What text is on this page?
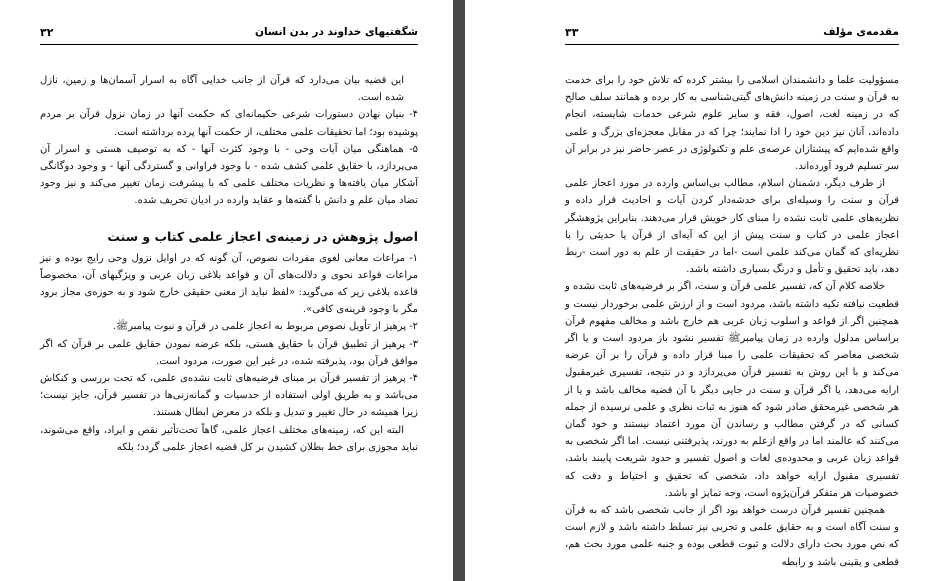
شگفتیهای خداوند در بدن انسان
۳۲

این قضیه بیان می‌دارد که قرآن از جانب خدایی آگاه به اسرار آسمان‌ها و زمین، نازل شده است.

۴- بنیان نهادن دستورات شرعی حکیمانه‌ای که حکمت آنها در زمان نزول قرآن بر مردم پوشیده بود؛ اما تحقیقات علمی مختلف، از حکمت آنها پرده برداشته است.

۵- هماهنگی میان آیات وحی - با وجود کثرت آنها - که به توصیف هستی و اسرار آن می‌پردازد، با حقایق علمی کشف شده - با وجود فراوانی و گستردگی آنها - و وجود دوگانگی آشکار میان یافته‌ها و نظریات مختلف علمی که با پیشرفت زمان تغییر می‌کند و نیز وجود تضاد میان علم و دانش با گفته‌ها و عقاید وارده در ادیان تحریف شده.

اصول پژوهش در زمینه‌ی اعجاز علمی کتاب و سنت

۱- مراعات معانی لغوی مفردات نصوص، آن گونه که در اوایل نزول وحی رایج بوده و نیز مراعات قواعد نحوی و دلالت‌های آن و قواعد بلاغی زبان عربی و ویژگیهای آن، مخصوصاً قاعده بلاغی زیر که می‌گوید: «لفظ نباید از معنی حقیقی خارج شود و به حوزه‌ی مجاز برود مگر با وجود قرینه‌ی کافی».

۲- پرهیز از تأویل نصوص مربوط به اعجاز علمی در قرآن و نبوت پیامبرﷺ.

۳- پرهیز از تطبیق قرآن با حقایق هستی، بلکه عرضه نمودن حقایق علمی بر قرآن که اگر موافق قرآن بود، پذیرفته شده، در غیر این صورت، مردود است.

۴- پرهیز از تفسیر قرآن بر مبنای فرضیه‌های ثابت نشده‌ی علمی، که تحت بررسی و کنکاش می‌باشد و به طریق اولی استفاده از حدسیات و گمانه‌زنی‌ها در تفسیر قرآن، جایز نیست؛ زیرا همیشه در حال تغییر و تبدیل و بلکه در معرض ابطال هستند.

البته این که، زمینه‌های مختلف اعجاز علمی، گاهاً تحت‌تأثیر نقص و ایراد، واقع می‌شوند، نباید مجوزی برای خط بطلان کشیدن بر کل قضیه اعجاز علمی گردد؛ بلکه

مقدمه‌ی مؤلف
۳۳

مسؤولیت علما و دانشمندان اسلامی را بیشتر کرده که تلاش خود را برای خدمت به قرآن و سنت در زمینه دانش‌های گیتی‌شناسی به کار برده و همانند سلف صالح که در زمینه لغت، اصول، فقه و سایر علوم شرعی خدمات شایسته، انجام داده‌اند، آنان نیز دین خود را ادا نمایند؛ چرا که در مقابل معجزه‌ای بزرگ و علمی واقع شده‌ایم که پیشتازان عرصه‌ی علم و تکنولوژی در عصر حاضر نیز در برابر آن سر تسلیم فرود آورده‌اند.

از طرف دیگر، دشمنان اسلام، مطالب بی‌اساس وارده در مورد اعجاز علمی قرآن و سنت را وسیله‌ای برای خدشه‌دار کردن آیات و احادیث قرار داده و نظریه‌های علمی ثابت نشده را مبنای کار خویش قرار می‌دهند. بنابراین پژوهشگر اعجاز علمی در کتاب و سنت پیش از این که آیه‌ای از قرآن یا حدیثی را با نظریه‌ای که گمان می‌کند علمی است -اما در حقیقت از علم به دور است -ربط دهد، باید تحقیق و تأمل و درنگ بسیاری داشته باشد.

خلاصه کلام آن که، تفسیر علمی قرآن و سنت، اگر بر فرضیه‌های ثابت نشده و قطعیت نیافته تکیه داشته باشد، مردود است و از ارزش علمی برخوردار نیست و همچنین اگر از قواعد و اسلوب زبان عربی هم خارج باشد و مخالف مفهوم قرآن براساس مدلول وارده در زمان پیامبرﷺ تفسیر نشود باز مردود است و یا اگر شخصی معاصر که تحقیقات علمی را مبنا قرار داده و قرآن را بر آن عرضه می‌کند و با این روش به تفسیر قرآن می‌پردازد و در نتیجه، تفسیری غیرمقبول ارایه می‌دهد، یا اگر قرآن و سنت در جایی دیگر با آن قضیه مخالف باشد و یا از هر شخصی غیرمحقق صادر شود که هنوز به ثبات نظری و علمی نرسیده از جمله کسانی که در گرفتن مطالب و رساندن آن مورد اعتماد نیستند و خود گمان می‌کنند که عالمند اما در واقع ازعلم به دورند، پذیرفتنی نیست. اما اگر شخصی به قواعد زبان عربی و محدوده‌ی لغات و اصول تفسیر و حدود شریعت پایبند باشد، تفسیری مقبول ارایه خواهد داد، شخصی که تحقیق و احتیاط و دقت که خصوصیات هر متفکر قرآن‌پژوه است، وجه تمایز او باشد.

همچنین تفسیر قرآن درست خواهد بود اگر از جانب شخصی باشد که به قرآن و سنت آگاه است و به حقایق علمی و تجربی نیز تسلط داشته باشد و لازم است که نص مورد بحث دارای دلالت و ثبوت قطعی بوده و جنبه علمی مورد بحث هم، قطعی و یقینی باشد و رابطه
